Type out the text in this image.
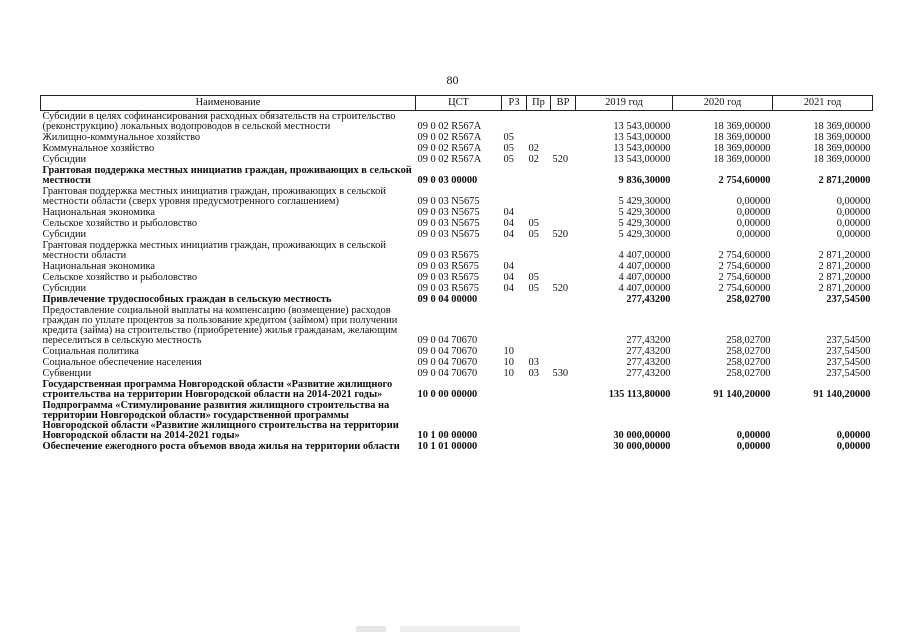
80
Наименование	ЦСТ	РЗ	Пр	ВР	2019 год	2020 год	2021 год
Субсидии в целях софинансирования расходных обязательств на строительство (реконструкцию) локальных водопроводов в сельской местности	09 0 02 R567A				13 543,00000	18 369,00000	18 369,00000
Жилищно-коммунальное хозяйство	09 0 02 R567A	05			13 543,00000	18 369,00000	18 369,00000
Коммунальное хозяйство	09 0 02 R567A	05	02		13 543,00000	18 369,00000	18 369,00000
Субсидии	09 0 02 R567A	05	02	520	13 543,00000	18 369,00000	18 369,00000
Грантовая поддержка местных инициатив граждан, проживающих в сельской местности	09 0 03 00000				9 836,30000	2 754,60000	2 871,20000
Грантовая поддержка местных инициатив граждан, проживающих в сельской местности области (сверх уровня предусмотренного соглашением)	09 0 03 N5675				5 429,30000	0,00000	0,00000
Национальная экономика	09 0 03 N5675	04			5 429,30000	0,00000	0,00000
Сельское хозяйство и рыболовство	09 0 03 N5675	04	05		5 429,30000	0,00000	0,00000
Субсидии	09 0 03 N5675	04	05	520	5 429,30000	0,00000	0,00000
Грантовая поддержка местных инициатив граждан, проживающих в сельской местности области	09 0 03 R5675				4 407,00000	2 754,60000	2 871,20000
Национальная экономика	09 0 03 R5675	04			4 407,00000	2 754,60000	2 871,20000
Сельское хозяйство и рыболовство	09 0 03 R5675	04	05		4 407,00000	2 754,60000	2 871,20000
Субсидии	09 0 03 R5675	04	05	520	4 407,00000	2 754,60000	2 871,20000
Привлечение трудоспособных граждан в сельскую местность	09 0 04 00000				277,43200	258,02700	237,54500
Предоставление социальной выплаты на компенсацию (возмещение) расходов граждан по уплате процентов за пользование кредитом (займом) при получении кредита (займа) на строительство (приобретение) жилья гражданам, желающим переселиться в сельскую местность	09 0 04 70670				277,43200	258,02700	237,54500
Социальная политика	09 0 04 70670	10			277,43200	258,02700	237,54500
Социальное обеспечение населения	09 0 04 70670	10	03		277,43200	258,02700	237,54500
Субвенции	09 0 04 70670	10	03	530	277,43200	258,02700	237,54500
Государственная программа Новгородской области «Развитие жилищного строительства на территории Новгородской области на 2014-2021 годы»	10 0 00 00000				135 113,80000	91 140,20000	91 140,20000
Подпрограмма «Стимулирование развития жилищного строительства на территории Новгородской области» государственной программы Новгородской области «Развитие жилищного строительства на территории Новгородской области на 2014-2021 годы»	10 1 00 00000				30 000,00000	0,00000	0,00000
Обеспечение ежегодного роста объемов ввода жилья на территории области	10 1 01 00000				30 000,00000	0,00000	0,00000
